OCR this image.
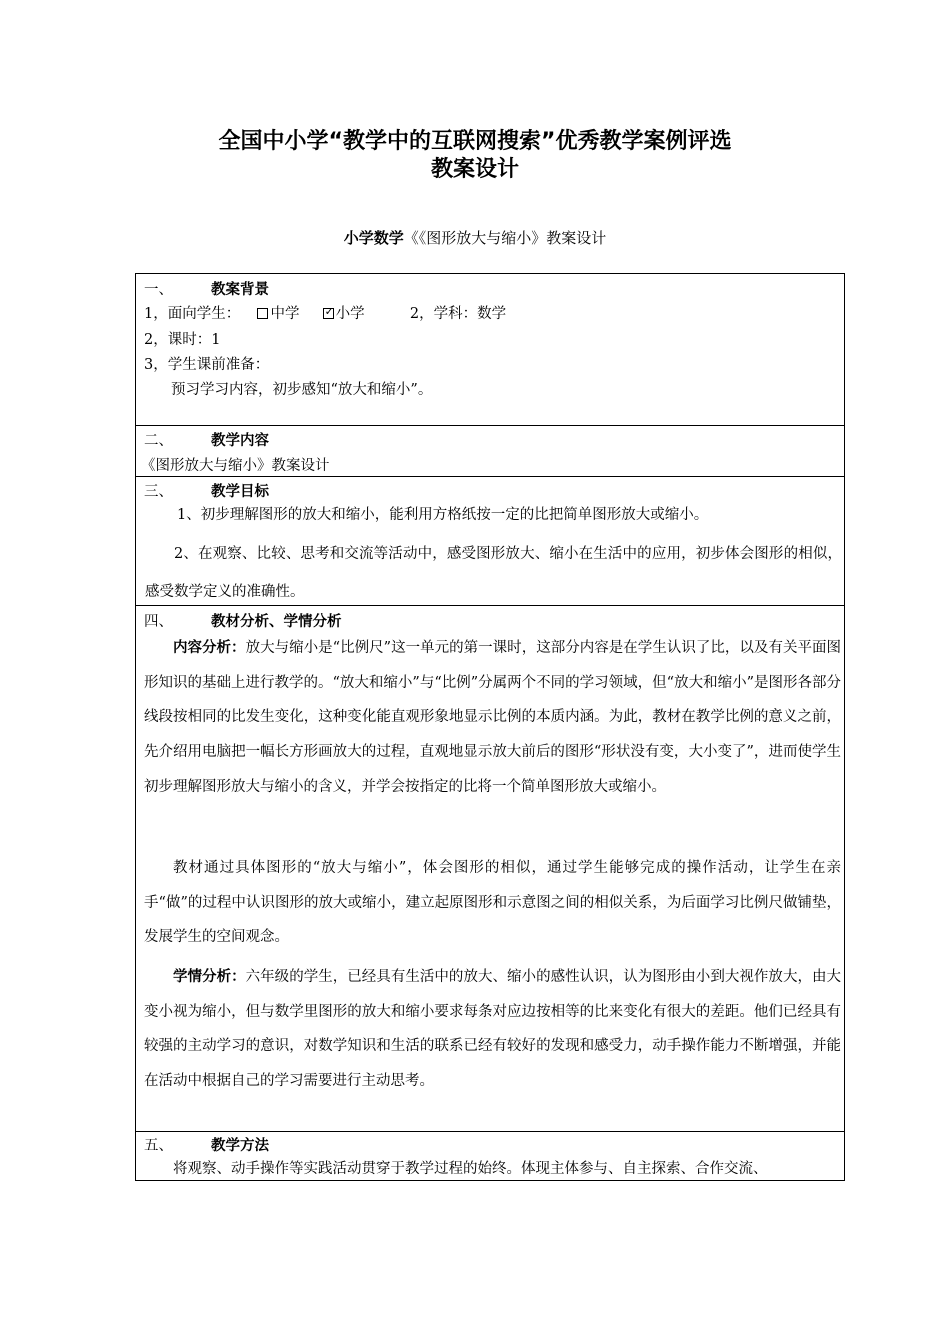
全国中小学“教学中的互联网搜索”优秀教学案例评选
教案设计
小学数学《《图形放大与缩小》教案设计
一、	教案背景
1，面向学生： 中学 ✓ 小学	2，学科：数学
2，课时：1
3，学生课前准备：
预习学习内容，初步感知“放大和缩小”。
二、	教学内容
《图形放大与缩小》教案设计
三、	教学目标
1、初步理解图形的放大和缩小，能利用方格纸按一定的比把简单图形放大或缩小。
2、在观察、比较、思考和交流等活动中，感受图形放大、缩小在生活中的应用，初步体会图形的相似，感受数学定义的准确性。
四、	教材分析、学情分析
内容分析：放大与缩小是“比例尺”这一单元的第一课时，这部分内容是在学生认识了比，以及有关平面图形知识的基础上进行教学的。“放大和缩小”与“比例”分属两个不同的学习领域，但“放大和缩小”是图形各部分线段按相同的比发生变化，这种变化能直观形象地显示比例的本质内涵。为此，教材在教学比例的意义之前，先介绍用电脑把一幅长方形画放大的过程，直观地显示放大前后的图形“形状没有变，大小变了”，进而使学生初步理解图形放大与缩小的含义，并学会按指定的比将一个简单图形放大或缩小。
教材通过具体图形的“放大与缩小”，体会图形的相似，通过学生能够完成的操作活动，让学生在亲手“做”的过程中认识图形的放大或缩小，建立起原图形和示意图之间的相似关系，为后面学习比例尺做铺垫，发展学生的空间观念。
学情分析：六年级的学生，已经具有生活中的放大、缩小的感性认识，认为图形由小到大视作放大，由大变小视为缩小，但与数学里图形的放大和缩小要求每条对应边按相等的比来变化有很大的差距。他们已经具有较强的主动学习的意识，对数学知识和生活的联系已经有较好的发现和感受力，动手操作能力不断增强，并能在活动中根据自己的学习需要进行主动思考。
五、	教学方法
将观察、动手操作等实践活动贯穿于教学过程的始终。体现主体参与、自主探索、合作交流、
